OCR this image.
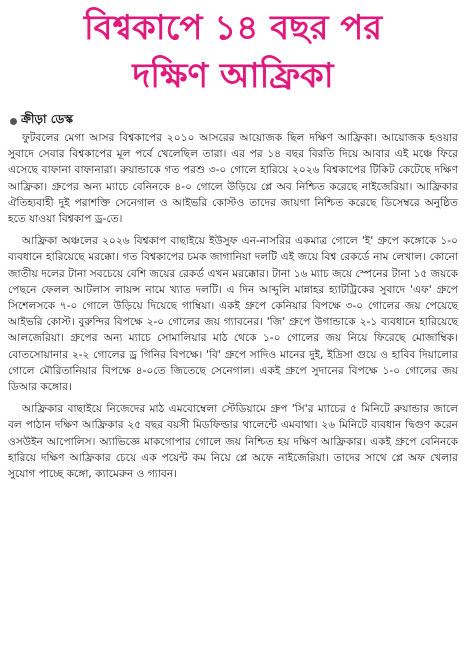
বিশ্বকাপে ১৪ বছর পর
দক্ষিণ আফ্রিকা
ক্রীড়া ডেস্ক

ফুটবলের মেগা আসর বিশ্বকাপের ২০১০ আসরের আয়োজক ছিল দক্ষিণ আফ্রিকা। আয়োজক হওয়ার সুবাদে সেবার বিশ্বকাপের মূল পর্বে খেলেছিল তারা। এর পর ১৪ বছর বিরতি দিয়ে আবার এই মঞ্চে ফিরে এসেছে বাফানা বাফানারা। রুয়ান্ডাকে গত পরশু ৩-০ গোলে হারিয়ে ২০২৬ বিশ্বকাপের টিকিট কেটেছে দক্ষিণ আফ্রিকা। গ্রুপের অন্য ম্যাচে বেনিনকে ৪-০ গোলে উড়িয়ে প্লে অব নিশ্চিত করেছে নাইজেরিয়া। আফ্রিকার ঐতিহ্যবাহী দুই পরাশক্তি সেনেগাল ও আইভরি কোস্টও তাদের জায়গা নিশ্চিত করেছে ডিসেম্বরে অনুষ্ঠিত হতে যাওয়া বিশ্বকাপ ড্র-তে।

আফ্রিকা অঞ্চলের ২০২৬ বিশ্বকাপ বাছাইয়ে ইউসুফ এন-নাসরির একমাত্র গোলে 'ই' গ্রুপে কঙ্গোকে ১-০ ব্যবধানে হারিয়েছে মরক্কো। গত বিশ্বকাপের চমক জাগানিয়া দলটি এই জয়ে বিশ্ব রেকর্ডে নাম লেখাল। কোনো জাতীয় দলের টানা সবচেয়ে বেশি জয়ের রেকর্ড এখন মরক্কোর। টানা ১৬ ম্যাচ জয়ে স্পেনের টানা ১৫ জয়কে পেছনে ফেলল আটলাস লায়ন্স নামে খ্যাত দলটি। এ দিন আব্দুলি মান্নাহর হ্যাটট্রিকের সুবাদে 'এফ' গ্রুপে সিশেলসকে ৭-০ গোলে উড়িয়ে দিয়েছে গাম্বিয়া। একই গ্রুপে কেনিয়ার বিপক্ষে ৩-০ গোলের জয় পেয়েছে আইভরি কোস্ট। বুরুন্দির বিপক্ষে ২-০ গোলের জয় গ্যাবনের। 'জি' গ্রুপে উগান্ডাকে ২-১ ব্যবধানে হারিয়েছে আলজেরিয়া। গ্রুপের অন্য ম্যাচে সোমালিয়ার মাঠ থেকে ১-০ গোলের জয় নিয়ে ফিরেছে মোজাম্বিক। বোতসোয়ানার ২-২ গোলের ড্র গিনির বিপক্ষে। 'বি' গ্রুপে সাদিও মানের দুই, ইদ্রিসা গুয়ে ও হাবিব দিয়ালোর গোলে মৌরিতানিয়ার বিপক্ষে ৪-০তে জিতেছে সেনেগাল। একই গ্রুপে সুদানের বিপক্ষে ১-০ গোলের জয় ডিআর কঙ্গোর।

আফ্রিকার বাছাইয়ে নিজেদের মাঠ এমবোম্বেলা স্টেডিয়ামে গ্রুপ 'সি'র ম্যাচের ৫ মিনিটে রুয়ান্ডার জালে বল পাঠান দক্ষিণ আফ্রিকার ২৫ বছর বয়সী মিডফিল্ডার থালেন্টে এমবাথা। ২৬ মিনিটে ব্যবধান দ্বিগুণ করেন ওসউইন আপোলিস। অ্যাভিজ্ঞে মাকগোপার গোলে জয় নিশ্চিত হয় দক্ষিণ আফ্রিকার। একই গ্রুপে বেনিনকে হারিয়ে দক্ষিণ আফ্রিকার চেয়ে এক পয়েন্ট কম নিয়ে প্লে অফে নাইজেরিয়া। তাদের সাথে প্লে অফ খেলার সুযোগ পাচ্ছে কঙ্গো, ক্যামেরুন ও গ্যাবন।
